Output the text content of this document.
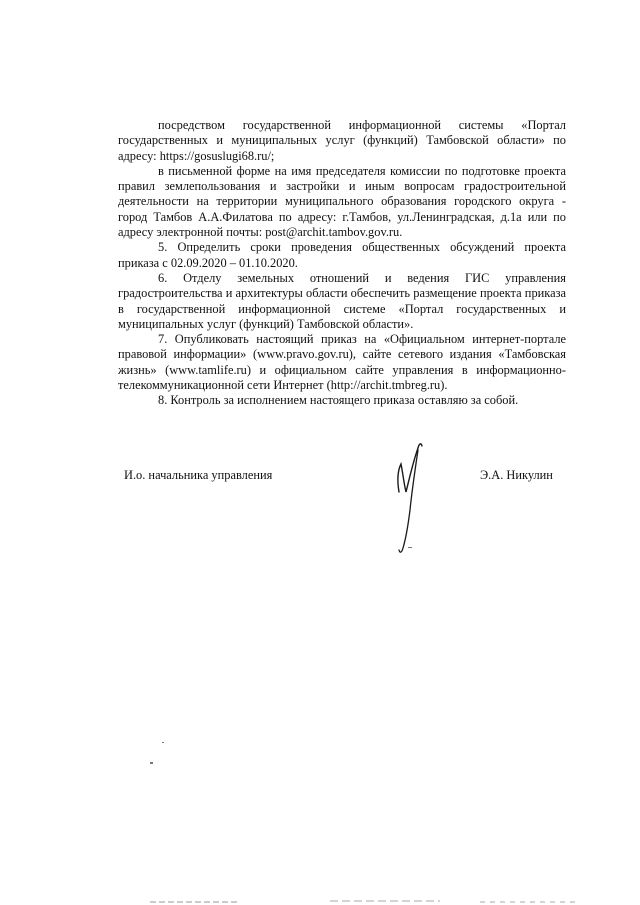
посредством государственной информационной системы «Портал государственных и муниципальных услуг (функций) Тамбовской области» по адресу: https://gosuslugi68.ru/;

в письменной форме на имя председателя комиссии по подготовке проекта правил землепользования и застройки и иным вопросам градостроительной деятельности на территории муниципального образования городского округа - город Тамбов А.А.Филатова по адресу: г.Тамбов, ул.Ленинградская, д.1а или по адресу электронной почты: post@archit.tambov.gov.ru.

5. Определить сроки проведения общественных обсуждений проекта приказа с 02.09.2020 – 01.10.2020.

6. Отделу земельных отношений и ведения ГИС управления градостроительства и архитектуры области обеспечить размещение проекта приказа в государственной информационной системе «Портал государственных и муниципальных услуг (функций) Тамбовской области».

7. Опубликовать настоящий приказ на «Официальном интернет-портале правовой информации» (www.pravo.gov.ru), сайте сетевого издания «Тамбовская жизнь» (www.tamlife.ru) и официальном сайте управления в информационно-телекоммуникационной сети Интернет (http://archit.tmbreg.ru).

8. Контроль за исполнением настоящего приказа оставляю за собой.

И.о. начальника управления	Э.А. Никулин
